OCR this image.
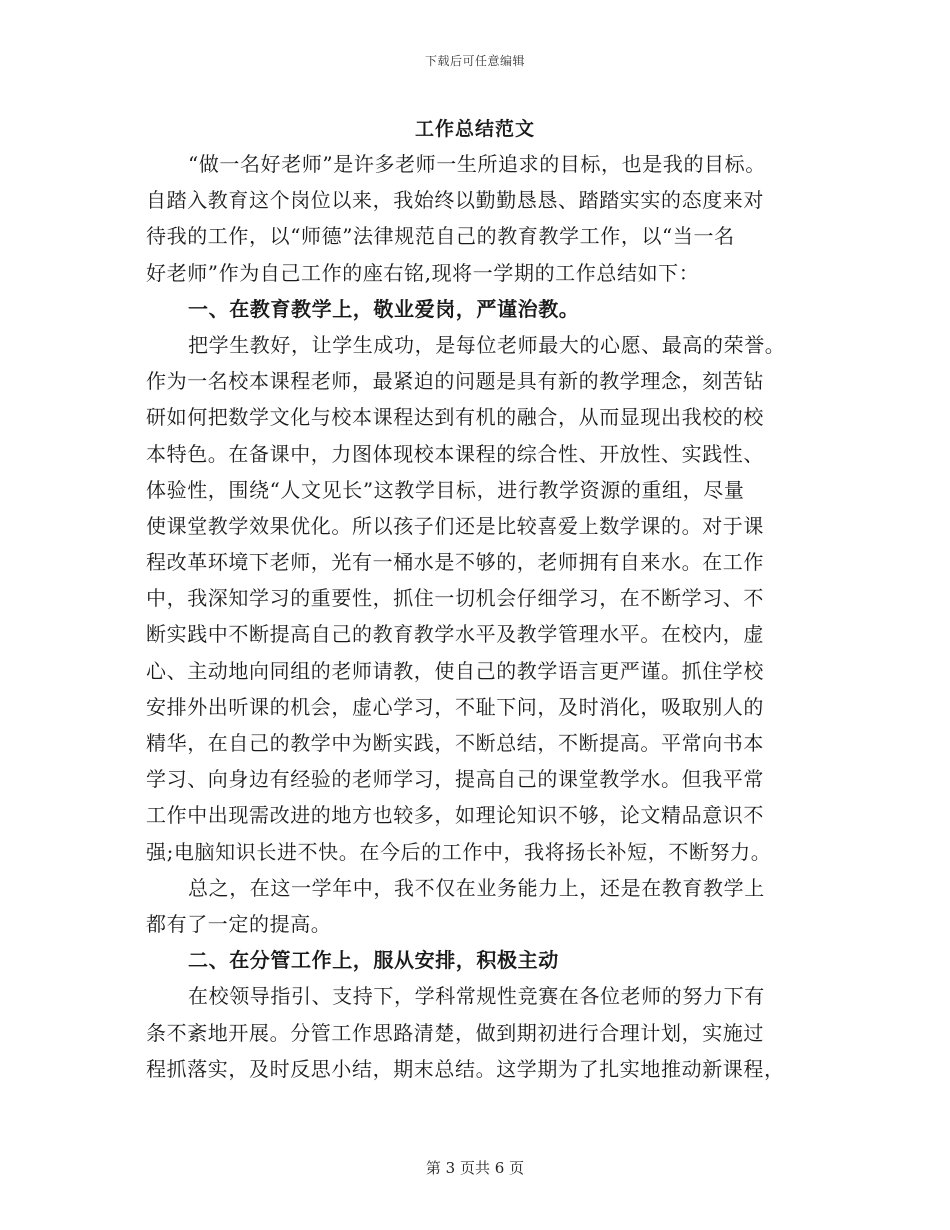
下载后可任意编辑
工作总结范文
“做一名好老师”是许多老师一生所追求的目标，也是我的目标。
自踏入教育这个岗位以来，我始终以勤勤恳恳、踏踏实实的态度来对
待我的工作，以“师德”法律规范自己的教育教学工作，以“当一名
好老师”作为自己工作的座右铭,现将一学期的工作总结如下：
一、在教育教学上，敬业爱岗，严谨治教。
把学生教好，让学生成功，是每位老师最大的心愿、最高的荣誉。
作为一名校本课程老师，最紧迫的问题是具有新的教学理念，刻苦钻
研如何把数学文化与校本课程达到有机的融合，从而显现出我校的校
本特色。在备课中，力图体现校本课程的综合性、开放性、实践性、
体验性，围绕“人文见长”这教学目标，进行教学资源的重组，尽量
使课堂教学效果优化。所以孩子们还是比较喜爱上数学课的。对于课
程改革环境下老师，光有一桶水是不够的，老师拥有自来水。在工作
中，我深知学习的重要性，抓住一切机会仔细学习，在不断学习、不
断实践中不断提高自己的教育教学水平及教学管理水平。在校内，虚
心、主动地向同组的老师请教，使自己的教学语言更严谨。抓住学校
安排外出听课的机会，虚心学习，不耻下问，及时消化，吸取别人的
精华，在自己的教学中为断实践，不断总结，不断提高。平常向书本
学习、向身边有经验的老师学习，提高自己的课堂教学水。但我平常
工作中出现需改进的地方也较多，如理论知识不够，论文精品意识不
强;电脑知识长进不快。在今后的工作中，我将扬长补短，不断努力。
总之，在这一学年中，我不仅在业务能力上，还是在教育教学上
都有了一定的提高。
二、在分管工作上，服从安排，积极主动
在校领导指引、支持下，学科常规性竞赛在各位老师的努力下有
条不紊地开展。分管工作思路清楚，做到期初进行合理计划，实施过
程抓落实，及时反思小结，期末总结。这学期为了扎实地推动新课程，
第 3 页共 6 页
